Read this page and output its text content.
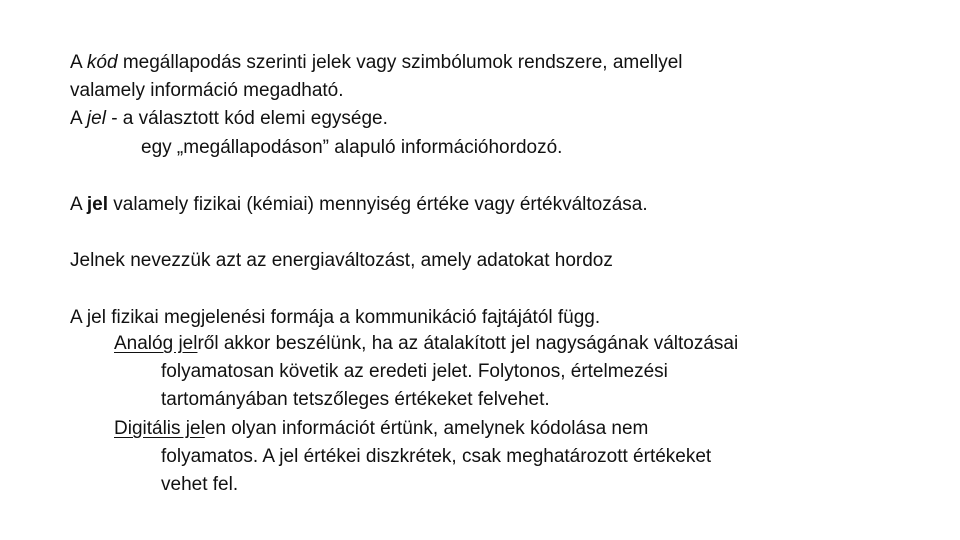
A kód megállapodás szerinti jelek vagy szimbólumok rendszere, amellyel
valamely információ megadható.
A jel - a választott kód elemi egysége.
egy „megállapodáson” alapuló információhordozó.
A jel valamely fizikai (kémiai) mennyiség értéke vagy értékváltozása.
Jelnek nevezzük azt az energiaváltozást, amely adatokat hordoz
A jel fizikai megjelenési formája a kommunikáció fajtájától függ.
Analóg jelről akkor beszélünk, ha az átalakított jel nagyságának változásai
folyamatosan követik az eredeti jelet. Folytonos, értelmezési
tartományában tetszőleges értékeket felvehet.
Digitális jelen olyan információt értünk, amelynek kódolása nem
folyamatos. A jel értékei diszkrétek, csak meghatározott értékeket
vehet fel.
